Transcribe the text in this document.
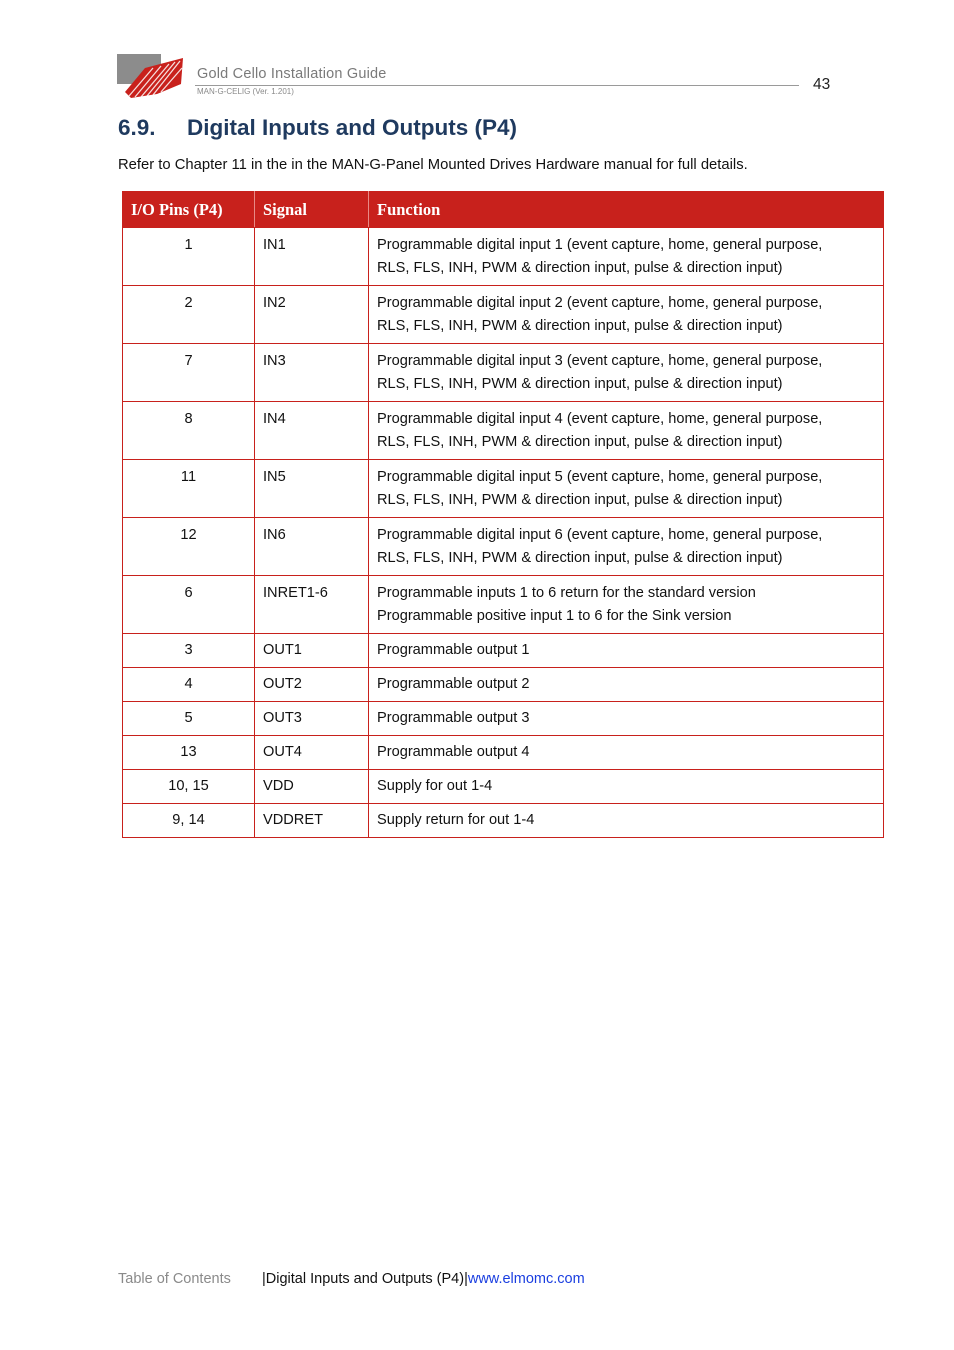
Gold Cello Installation Guide
MAN-G-CELIG (Ver. 1.201)	43
6.9. Digital Inputs and Outputs (P4)
Refer to Chapter 11 in the in the MAN-G-Panel Mounted Drives Hardware manual for full details.
I/O Pins (P4)	Signal	Function
1	IN1	Programmable digital input 1 (event capture, home, general purpose,
RLS, FLS, INH, PWM & direction input, pulse & direction input)

2	IN2	Programmable digital input 2 (event capture, home, general purpose,
RLS, FLS, INH, PWM & direction input, pulse & direction input)

7	IN3	Programmable digital input 3 (event capture, home, general purpose,
RLS, FLS, INH, PWM & direction input, pulse & direction input)

8	IN4	Programmable digital input 4 (event capture, home, general purpose,
RLS, FLS, INH, PWM & direction input, pulse & direction input)

11	IN5	Programmable digital input 5 (event capture, home, general purpose,
RLS, FLS, INH, PWM & direction input, pulse & direction input)

12	IN6	Programmable digital input 6 (event capture, home, general purpose,
RLS, FLS, INH, PWM & direction input, pulse & direction input)

6	INRET1-6	Programmable inputs 1 to 6 return for the standard version
Programmable positive input 1 to 6 for the Sink version

3	OUT1	Programmable output 1

4	OUT2	Programmable output 2

5	OUT3	Programmable output 3

13	OUT4	Programmable output 4

10, 15	VDD	Supply for out 1-4

9, 14	VDDRET	Supply return for out 1-4
Table of Contents |Digital Inputs and Outputs (P4)|www.elmomc.com
